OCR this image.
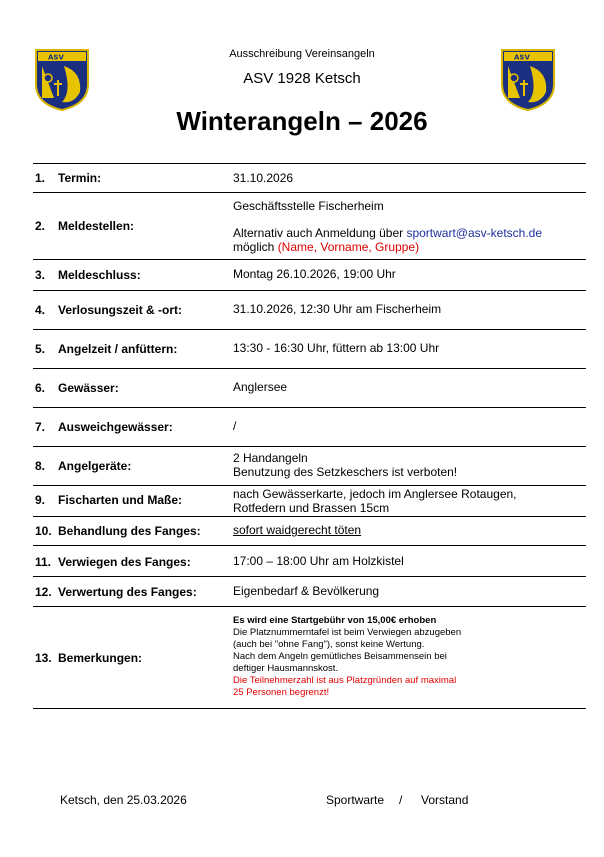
ASV	ASV
Ausschreibung Vereinsangeln
ASV 1928 Ketsch
Winterangeln – 2026
1. Termin:	31.10.2026
2. Meldestellen:
Geschäftsstelle Fischerheim
Alternativ auch Anmeldung über sportwart@asv-ketsch.de
möglich (Name, Vorname, Gruppe)
3. Meldeschluss:	Montag 26.10.2026, 19:00 Uhr
4. Verlosungszeit & -ort:	31.10.2026, 12:30 Uhr am Fischerheim
5. Angelzeit / anfüttern:	13:30 - 16:30 Uhr, füttern ab 13:00 Uhr
6. Gewässer:	Anglersee
7. Ausweichgewässer:	/
8. Angelgeräte:
2 Handangeln
Benutzung des Setzkeschers ist verboten!
9. Fischarten und Maße:	nach Gewässerkarte, jedoch im Anglersee Rotaugen,
Rotfedern und Brassen 15cm
10. Behandlung des Fanges:	sofort waidgerecht töten
11. Verwiegen des Fanges:	17:00 – 18:00 Uhr am Holzkistel
12. Verwertung des Fanges:	Eigenbedarf & Bevölkerung
13. Bemerkungen:
Es wird eine Startgebühr von 15,00€ erhoben
Die Platznummerntafel ist beim Verwiegen abzugeben
(auch bei "ohne Fang"), sonst keine Wertung.
Nach dem Angeln gemütliches Beisammensein bei
deftiger Hausmannskost.
Die Teilnehmerzahl ist aus Platzgründen auf maximal
25 Personen begrenzt!
Ketsch, den 25.03.2026	Sportwarte / Vorstand
